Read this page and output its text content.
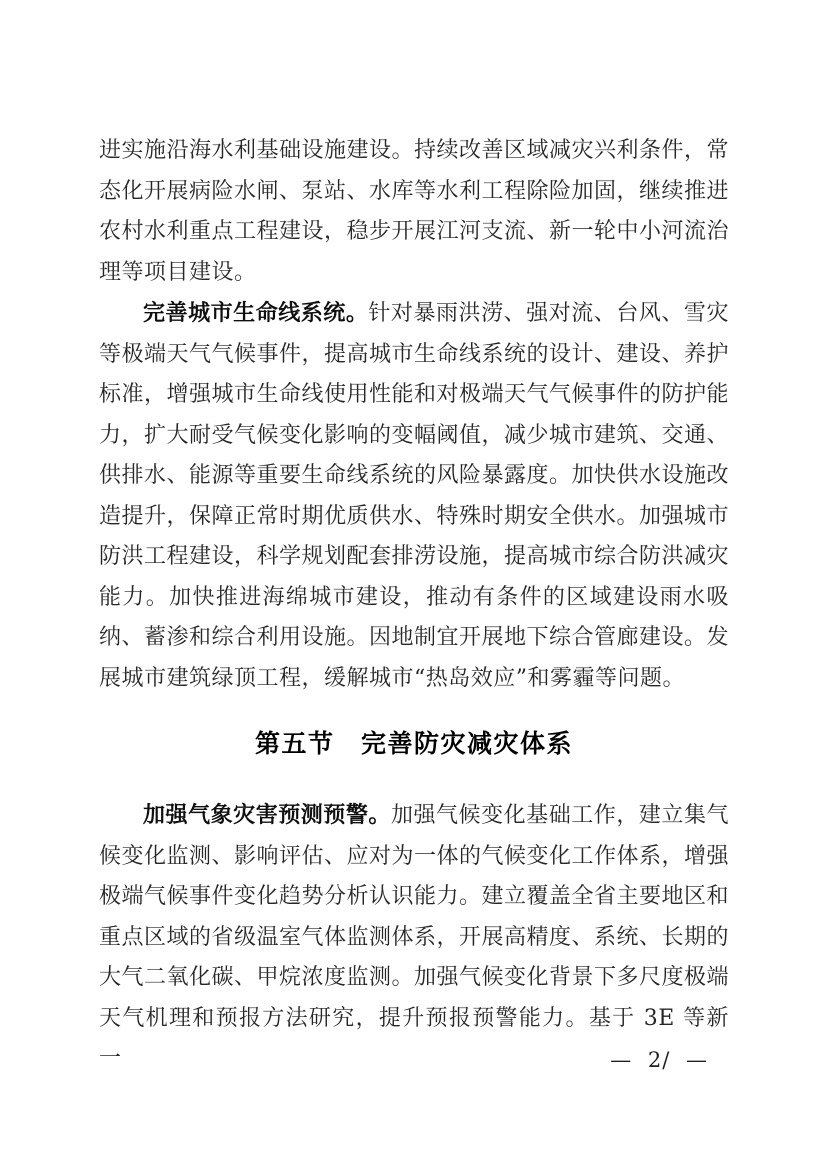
进实施沿海水利基础设施建设。持续改善区域减灾兴利条件，常态化开展病险水闸、泵站、水库等水利工程除险加固，继续推进农村水利重点工程建设，稳步开展江河支流、新一轮中小河流治理等项目建设。

完善城市生命线系统。针对暴雨洪涝、强对流、台风、雪灾等极端天气气候事件，提高城市生命线系统的设计、建设、养护标准，增强城市生命线使用性能和对极端天气气候事件的防护能力，扩大耐受气候变化影响的变幅阈值，减少城市建筑、交通、供排水、能源等重要生命线系统的风险暴露度。加快供水设施改造提升，保障正常时期优质供水、特殊时期安全供水。加强城市防洪工程建设，科学规划配套排涝设施，提高城市综合防洪减灾能力。加快推进海绵城市建设，推动有条件的区域建设雨水吸纳、蓄渗和综合利用设施。因地制宜开展地下综合管廊建设。发展城市建筑绿顶工程，缓解城市“热岛效应”和雾霾等问题。

第五节　完善防灾减灾体系

加强气象灾害预测预警。加强气候变化基础工作，建立集气候变化监测、影响评估、应对为一体的气候变化工作体系，增强极端气候事件变化趋势分析认识能力。建立覆盖全省主要地区和重点区域的省级温室气体监测体系，开展高精度、系统、长期的大气二氧化碳、甲烷浓度监测。加强气候变化背景下多尺度极端天气机理和预报方法研究，提升预报预警能力。基于 3E 等新一	— 2/ —
